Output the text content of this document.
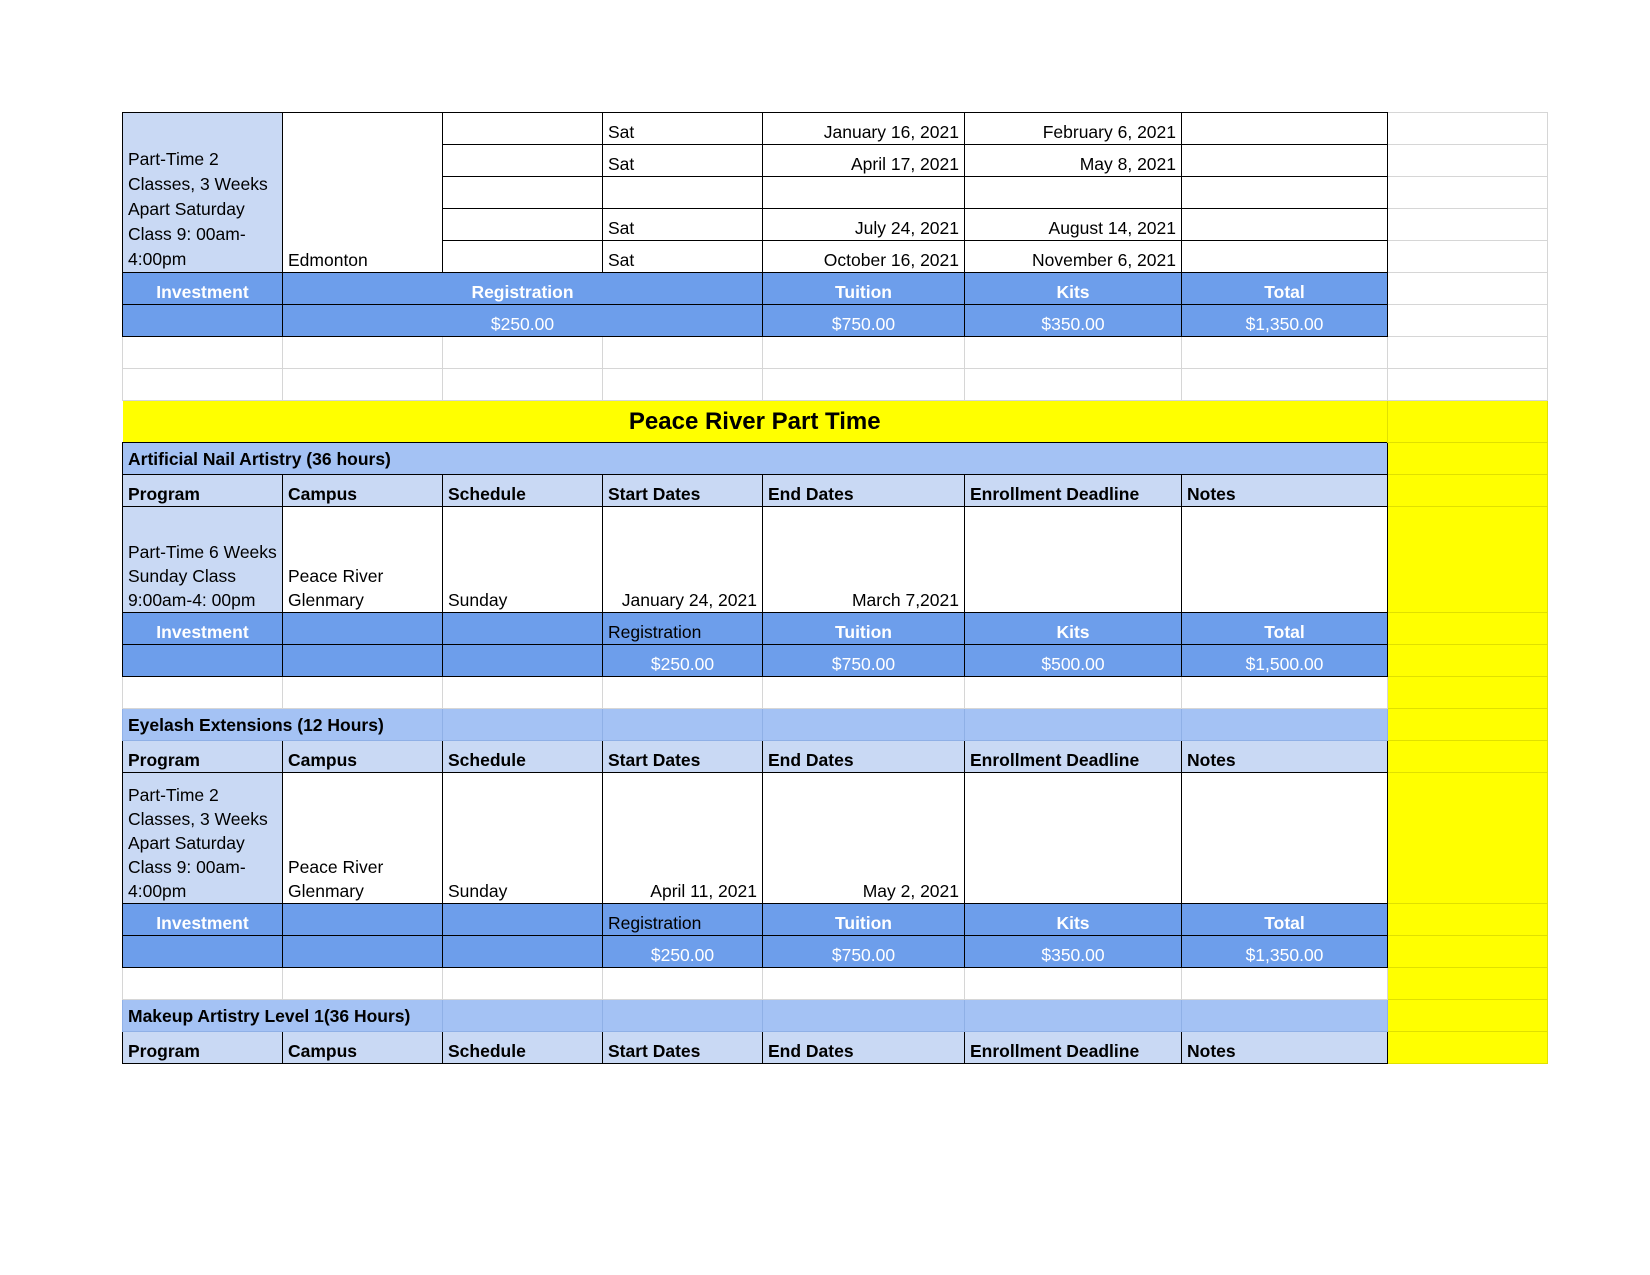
Part-Time 2 Classes, 3 Weeks Apart Saturday Class 9: 00am-4:00pm	Edmonton		Sat	January 16, 2021	February 6, 2021		
			Sat	April 17, 2021	May 8, 2021		

			Sat	July 24, 2021	August 14, 2021		
			Sat	October 16, 2021	November 6, 2021		
Investment	Registration			Tuition	Kits	Total	
	$250.00			$750.00	$350.00	$1,350.00	

Peace River Part Time							
Artificial Nail Artistry (36 hours)							
Program	Campus	Schedule	Start Dates	End Dates	Enrollment Deadline	Notes	
Part-Time 6 Weeks Sunday Class 9:00am-4: 00pm	Peace River Glenmary	Sunday	January 24, 2021	March 7,2021			
Investment			Registration	Tuition	Kits	Total	
			$250.00	$750.00	$500.00	$1,500.00	

Eyelash Extensions (12 Hours)							
Program	Campus	Schedule	Start Dates	End Dates	Enrollment Deadline	Notes	
Part-Time 2 Classes, 3 Weeks Apart Saturday Class 9: 00am-4:00pm	Peace River Glenmary	Sunday	April 11, 2021	May 2, 2021			
Investment			Registration	Tuition	Kits	Total	
			$250.00	$750.00	$350.00	$1,350.00	

Makeup Artistry Level 1(36 Hours)							
Program	Campus	Schedule	Start Dates	End Dates	Enrollment Deadline	Notes	
